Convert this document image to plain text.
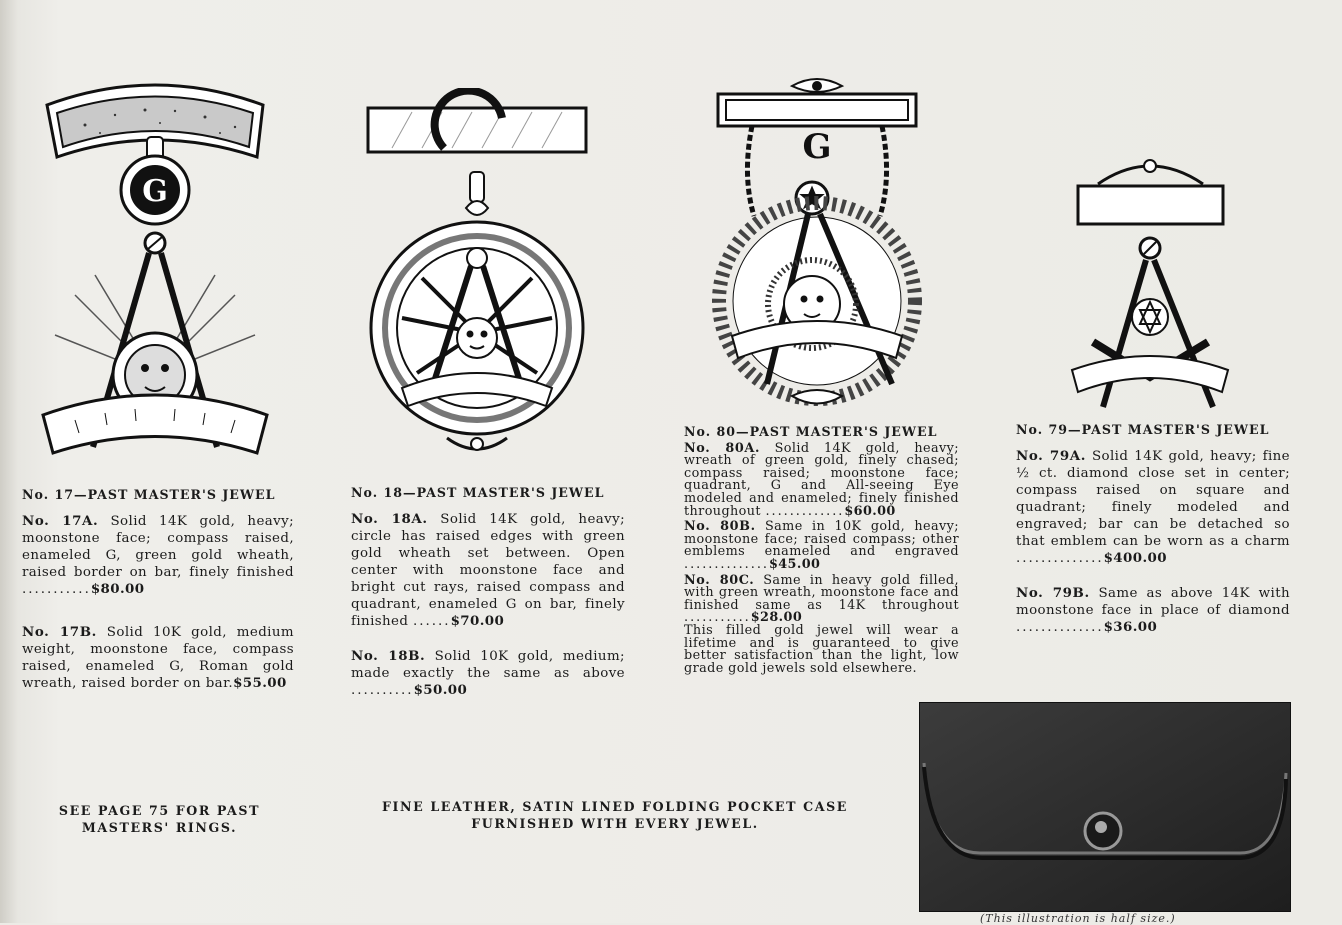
G
G
No. 17—PAST MASTER'S JEWEL
No. 17A. Solid 14K gold, heavy; moonstone face; compass raised, enameled G, green gold wheath, raised border on bar, finely finished ...........$80.00
No. 17B. Solid 10K gold, medium weight, moonstone face, compass raised, enameled G, Roman gold wreath, raised border on bar.$55.00
No. 18—PAST MASTER'S JEWEL
No. 18A. Solid 14K gold, heavy; circle has raised edges with green gold wheath set between. Open center with moonstone face and bright cut rays, raised compass and quadrant, enameled G on bar, finely finished ......$70.00
No. 18B. Solid 10K gold, medium; made exactly the same as above ..........$50.00
No. 80—PAST MASTER'S JEWEL
No. 80A. Solid 14K gold, heavy; wreath of green gold, finely chased; compass raised; moonstone face; quadrant, G and All-seeing Eye modeled and enameled; finely finished throughout .............$60.00
No. 80B. Same in 10K gold, heavy; moonstone face; raised compass; other emblems enameled and engraved ..............$45.00
No. 80C. Same in heavy gold filled, with green wreath, moonstone face and finished same as 14K throughout ...........$28.00
This filled gold jewel will wear a lifetime and is guaranteed to give better satisfaction than the light, low grade gold jewels sold elsewhere.
No. 79—PAST MASTER'S JEWEL
No. 79A. Solid 14K gold, heavy; fine ½ ct. diamond close set in center; compass raised on square and quadrant; finely modeled and engraved; bar can be detached so that emblem can be worn as a charm ..............$400.00
No. 79B. Same as above 14K with moonstone face in place of diamond ..............$36.00
SEE PAGE 75 FOR PAST MASTERS' RINGS.
FINE LEATHER, SATIN LINED FOLDING POCKET CASE FURNISHED WITH EVERY JEWEL.
(This illustration is half size.)
